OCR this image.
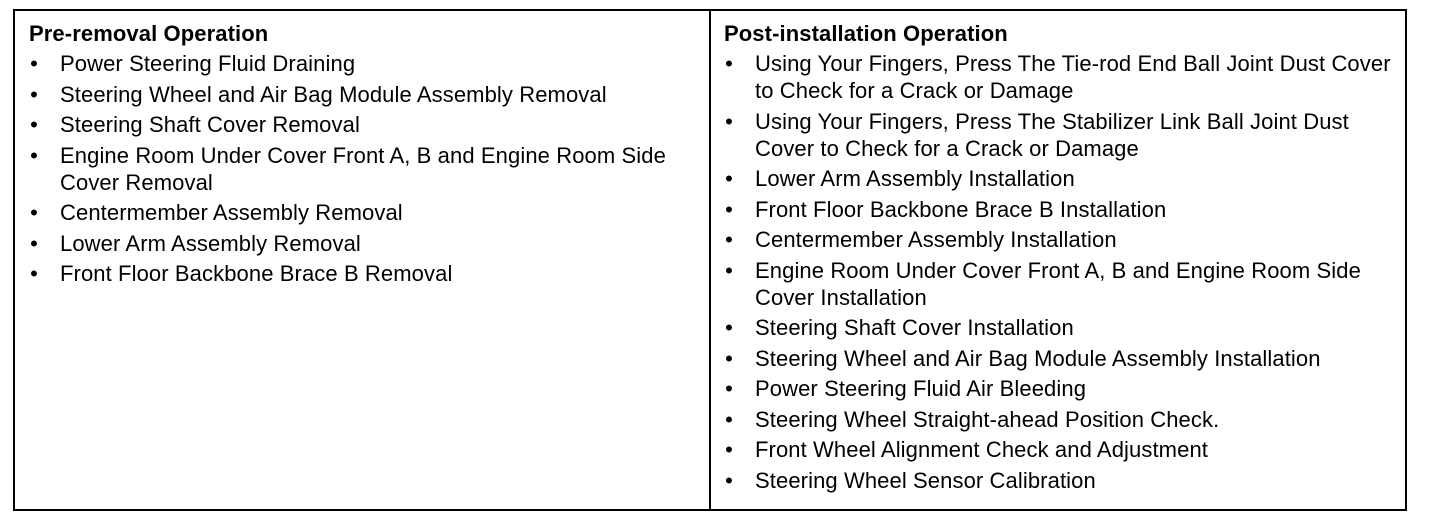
Pre-removal Operation
• Power Steering Fluid Draining
• Steering Wheel and Air Bag Module Assembly Removal
• Steering Shaft Cover Removal
• Engine Room Under Cover Front A, B and Engine Room Side Cover Removal
• Centermember Assembly Removal
• Lower Arm Assembly Removal
• Front Floor Backbone Brace B Removal
Post-installation Operation
• Using Your Fingers, Press The Tie-rod End Ball Joint Dust Cover to Check for a Crack or Damage
• Using Your Fingers, Press The Stabilizer Link Ball Joint Dust Cover to Check for a Crack or Damage
• Lower Arm Assembly Installation
• Front Floor Backbone Brace B Installation
• Centermember Assembly Installation
• Engine Room Under Cover Front A, B and Engine Room Side Cover Installation
• Steering Shaft Cover Installation
• Steering Wheel and Air Bag Module Assembly Installation
• Power Steering Fluid Air Bleeding
• Steering Wheel Straight-ahead Position Check.
• Front Wheel Alignment Check and Adjustment
• Steering Wheel Sensor Calibration
